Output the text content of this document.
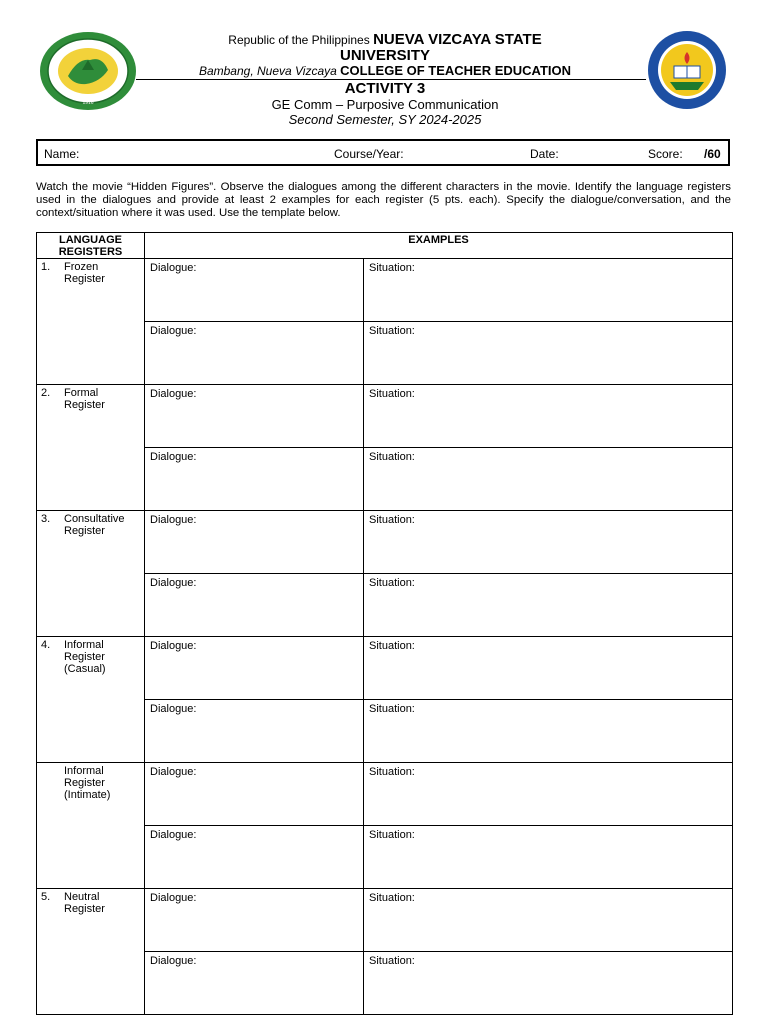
1916
Republic of the Philippines NUEVA VIZCAYA STATE
UNIVERSITY
Bambang, Nueva Vizcaya COLLEGE OF TEACHER EDUCATION
ACTIVITY 3
GE Comm – Purposive Communication
Second Semester, SY 2024-2025
Name:	Course/Year:	Date:	Score: /60
Watch the movie “Hidden Figures”. Observe the dialogues among the different characters in the movie. Identify the language registers used in the dialogues and provide at least 2 examples for each register (5 pts. each). Specify the dialogue/conversation, and the context/situation where it was used. Use the template below.
LANGUAGE REGISTERS	EXAMPLES	

1. Frozen Register	Dialogue:	Situation:
	Dialogue:	Situation:

2. Formal Register	Dialogue:	Situation:
	Dialogue:	Situation:

3. Consultative Register	Dialogue:	Situation:
	Dialogue:	Situation:

4. Informal Register (Casual)	Dialogue:	Situation:
	Dialogue:	Situation:

Informal Register (Intimate)	Dialogue:	Situation:
	Dialogue:	Situation:

5. Neutral Register	Dialogue:	Situation:
	Dialogue:	Situation:
